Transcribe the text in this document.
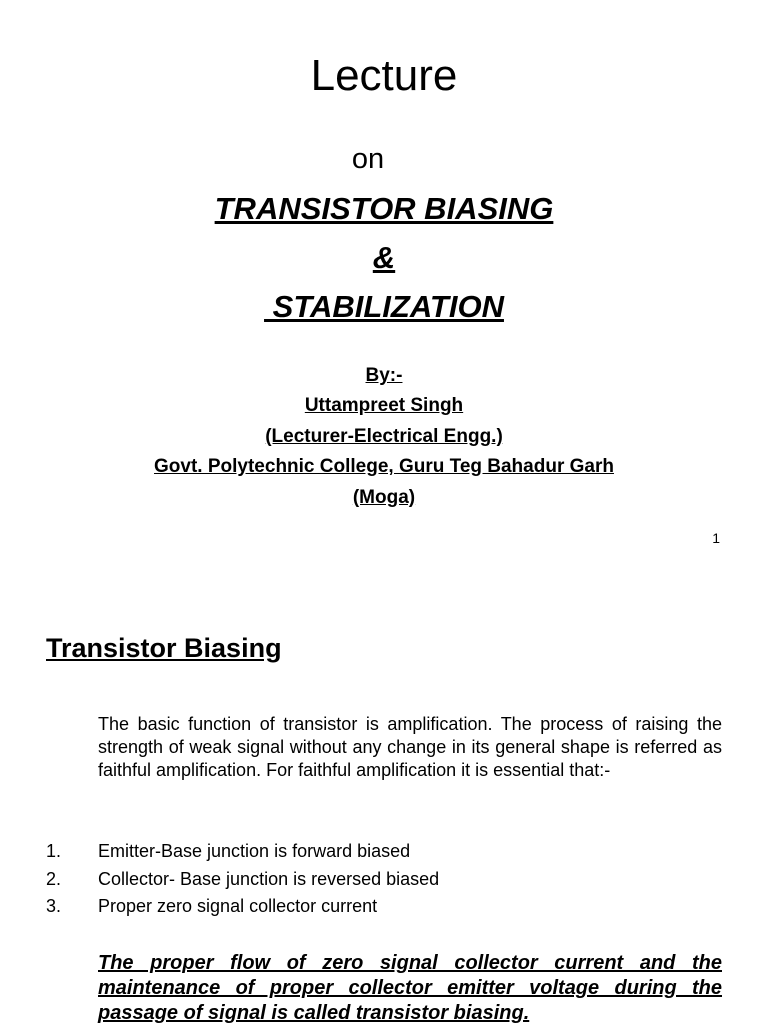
Lecture
on
TRANSISTOR BIASING
&
STABILIZATION
By:-
Uttampreet Singh
(Lecturer-Electrical Engg.)
Govt. Polytechnic College, Guru Teg Bahadur Garh
(Moga)
1
Transistor Biasing

The basic function of transistor is amplification. The process of raising the strength of weak signal without any change in its general shape is referred as faithful amplification. For faithful amplification it is essential that:-

1. Emitter-Base junction is forward biased
2. Collector- Base junction is reversed biased
3. Proper zero signal collector current

The proper flow of zero signal collector current and the maintenance of proper collector emitter voltage during the passage of signal is called transistor biasing.
